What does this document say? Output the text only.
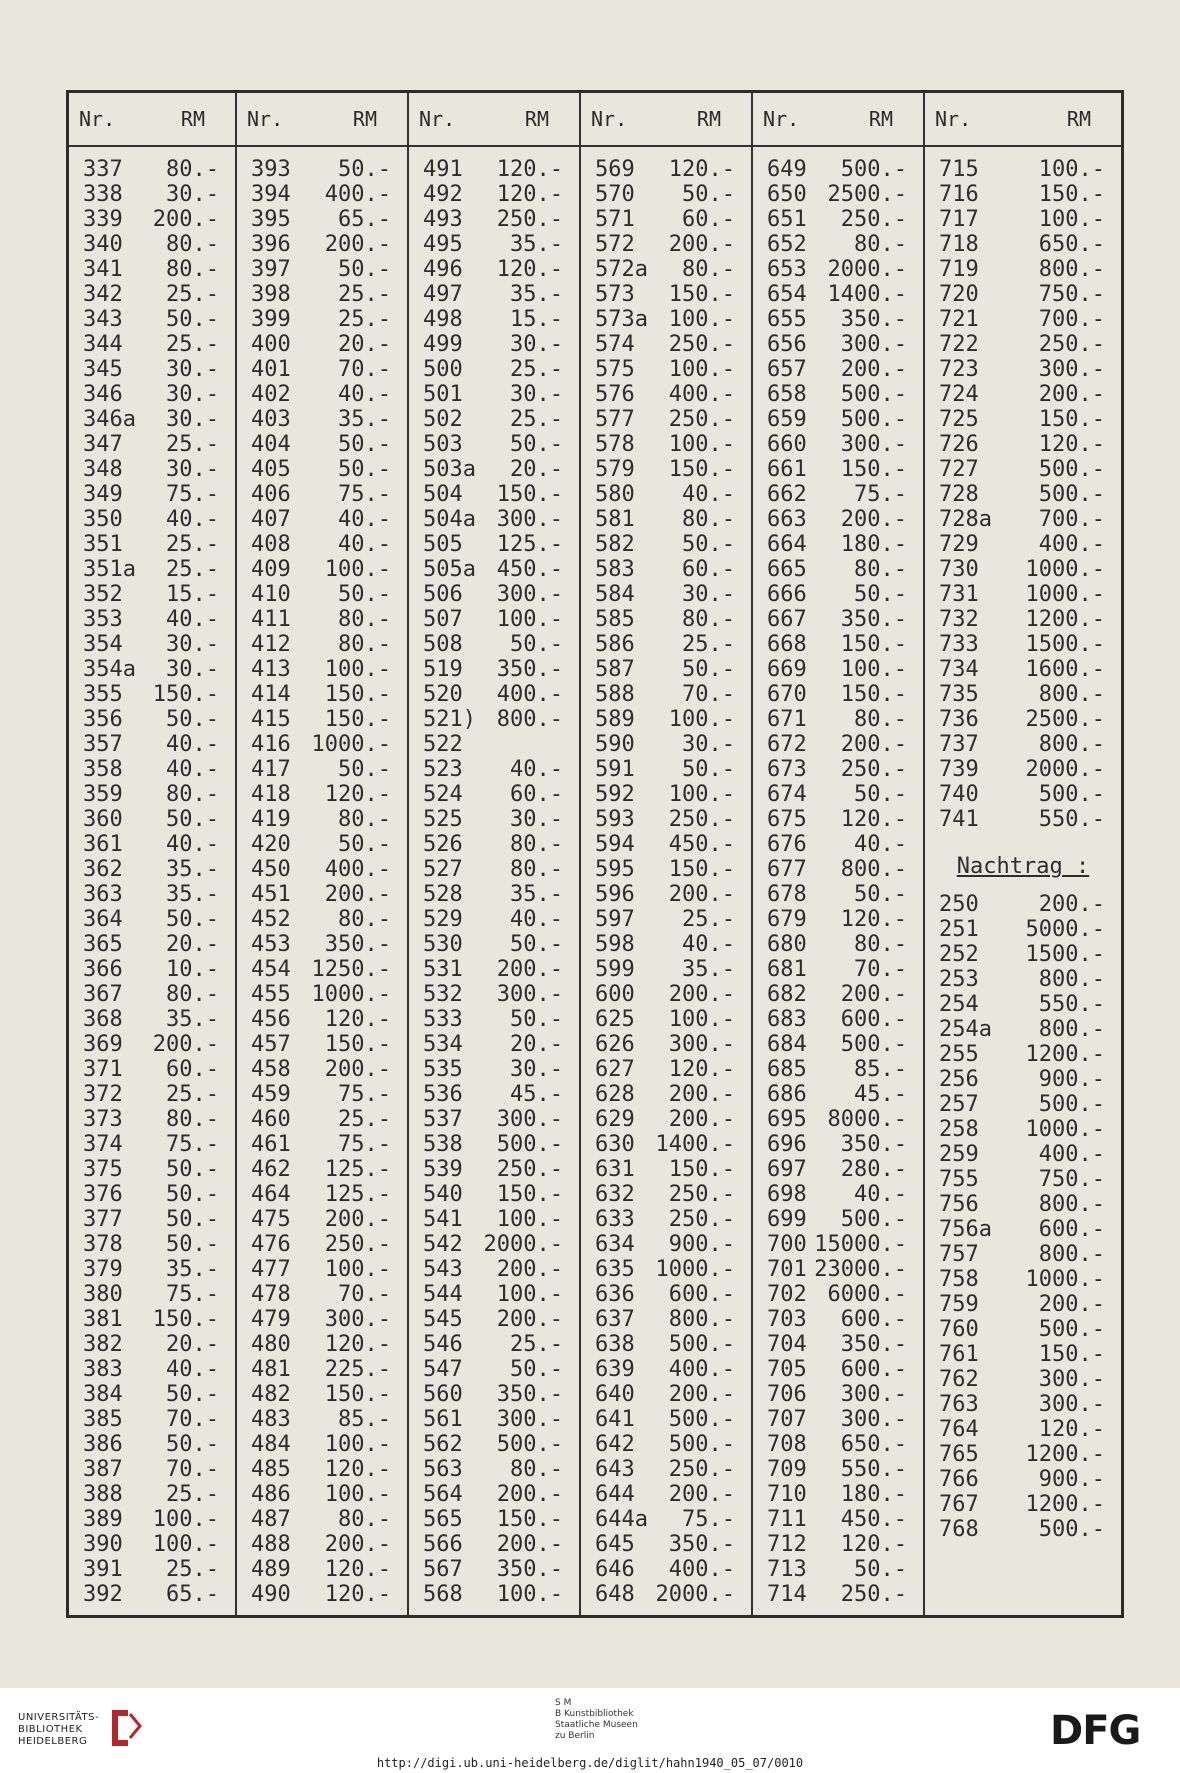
Nr.	RM
337 80.-
338 30.-
339 200.-
340 80.-
341 80.-
342 25.-
343 50.-
344 25.-
345 30.-
346 30.-
346a 30.-
347 25.-
348 30.-
349 75.-
350 40.-
351 25.-
351a 25.-
352 15.-
353 40.-
354 30.-
354a 30.-
355 150.-
356 50.-
357 40.-
358 40.-
359 80.-
360 50.-
361 40.-
362 35.-
363 35.-
364 50.-
365 20.-
366 10.-
367 80.-
368 35.-
369 200.-
371 60.-
372 25.-
373 80.-
374 75.-
375 50.-
376 50.-
377 50.-
378 50.-
379 35.-
380 75.-
381 150.-
382 20.-
383 40.-
384 50.-
385 70.-
386 50.-
387 70.-
388 25.-
389 100.-
390 100.-
391 25.-
392 65.-
Nr.	RM
393 50.-
394 400.-
395 65.-
396 200.-
397 50.-
398 25.-
399 25.-
400 20.-
401 70.-
402 40.-
403 35.-
404 50.-
405 50.-
406 75.-
407 40.-
408 40.-
409 100.-
410 50.-
411 80.-
412 80.-
413 100.-
414 150.-
415 150.-
416 1000.-
417 50.-
418 120.-
419 80.-
420 50.-
450 400.-
451 200.-
452 80.-
453 350.-
454 1250.-
455 1000.-
456 120.-
457 150.-
458 200.-
459 75.-
460 25.-
461 75.-
462 125.-
464 125.-
475 200.-
476 250.-
477 100.-
478 70.-
479 300.-
480 120.-
481 225.-
482 150.-
483 85.-
484 100.-
485 120.-
486 100.-
487 80.-
488 200.-
489 120.-
490 120.-
Nr.	RM
491 120.-
492 120.-
493 250.-
495 35.-
496 120.-
497 35.-
498 15.-
499 30.-
500 25.-
501 30.-
502 25.-
503 50.-
503a 20.-
504 150.-
504a 300.-
505 125.-
505a 450.-
506 300.-
507 100.-
508 50.-
519 350.-
520 400.-
521) 800.-
522
523 40.-
524 60.-
525 30.-
526 80.-
527 80.-
528 35.-
529 40.-
530 50.-
531 200.-
532 300.-
533 50.-
534 20.-
535 30.-
536 45.-
537 300.-
538 500.-
539 250.-
540 150.-
541 100.-
542 2000.-
543 200.-
544 100.-
545 200.-
546 25.-
547 50.-
560 350.-
561 300.-
562 500.-
563 80.-
564 200.-
565 150.-
566 200.-
567 350.-
568 100.-
Nr.	RM
569 120.-
570 50.-
571 60.-
572 200.-
572a 80.-
573 150.-
573a 100.-
574 250.-
575 100.-
576 400.-
577 250.-
578 100.-
579 150.-
580 40.-
581 80.-
582 50.-
583 60.-
584 30.-
585 80.-
586 25.-
587 50.-
588 70.-
589 100.-
590 30.-
591 50.-
592 100.-
593 250.-
594 450.-
595 150.-
596 200.-
597 25.-
598 40.-
599 35.-
600 200.-
625 100.-
626 300.-
627 120.-
628 200.-
629 200.-
630 1400.-
631 150.-
632 250.-
633 250.-
634 900.-
635 1000.-
636 600.-
637 800.-
638 500.-
639 400.-
640 200.-
641 500.-
642 500.-
643 250.-
644 200.-
644a 75.-
645 350.-
646 400.-
648 2000.-
Nr.	RM
649 500.-
650 2500.-
651 250.-
652 80.-
653 2000.-
654 1400.-
655 350.-
656 300.-
657 200.-
658 500.-
659 500.-
660 300.-
661 150.-
662 75.-
663 200.-
664 180.-
665 80.-
666 50.-
667 350.-
668 150.-
669 100.-
670 150.-
671 80.-
672 200.-
673 250.-
674 50.-
675 120.-
676 40.-
677 800.-
678 50.-
679 120.-
680 80.-
681 70.-
682 200.-
683 600.-
684 500.-
685 85.-
686 45.-
695 8000.-
696 350.-
697 280.-
698 40.-
699 500.-
700 15000.-
701 23000.-
702 6000.-
703 600.-
704 350.-
705 600.-
706 300.-
707 300.-
708 650.-
709 550.-
710 180.-
711 450.-
712 120.-
713 50.-
714 250.-
Nr.	RM
715	100.-
716	150.-
717	100.-
718	650.-
719	800.-
720	750.-
721	700.-
722	250.-
723	300.-
724	200.-
725	150.-
726	120.-
727	500.-
728	500.-
728a 700.-
729	400.-
730 1000.-
731 1000.-
732 1200.-
733 1500.-
734 1600.-
735	800.-
736 2500.-
737	800.-
739 2000.-
740	500.-
741	550.-
Nachtrag :
250	200.-
251 5000.-
252 1500.-
253	800.-
254	550.-
254a 800.-
255 1200.-
256	900.-
257	500.-
258 1000.-
259	400.-
755	750.-
756	800.-
756a 600.-
757	800.-
758 1000.-
759	200.-
760	500.-
761	150.-
762	300.-
763	300.-
764	120.-
765 1200.-
766	900.-
767 1200.-
768	500.-
UNIVERSITÄTS-
BIBLIOTHEK
HEIDELBERG
S M
B Kunstbibliothek
Staatliche Museen
zu Berlin	DFG
http://digi.ub.uni-heidelberg.de/diglit/hahn1940_05_07/0010
